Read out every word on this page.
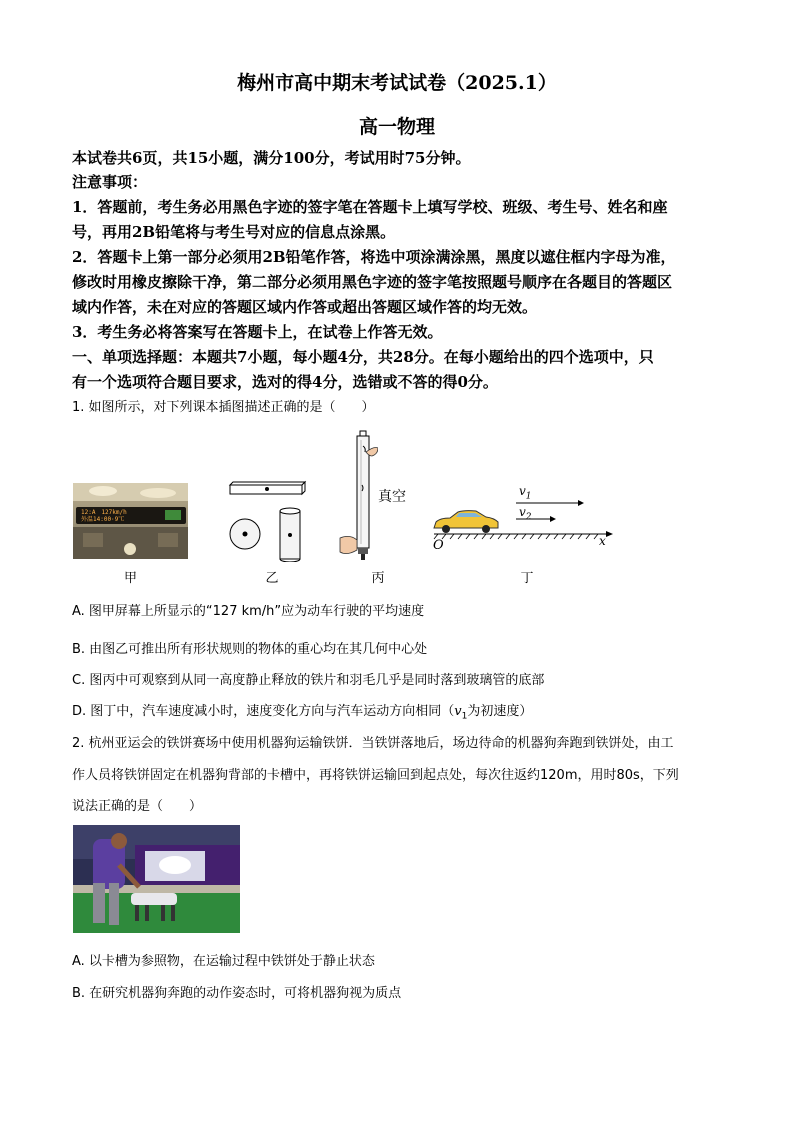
梅州市高中期末考试试卷（2025.1）
高一物理
本试卷共6页，共15小题，满分100分，考试用时75分钟。
注意事项：
1．答题前，考生务必用黑色字迹的签字笔在答题卡上填写学校、班级、考生号、姓名和座
号，再用2B铅笔将与考生号对应的信息点涂黑。
2．答题卡上第一部分必须用2B铅笔作答，将选中项涂满涂黑，黑度以遮住框内字母为准，
修改时用橡皮擦除干净，第二部分必须用黑色字迹的签字笔按照题号顺序在各题目的答题区
域内作答，未在对应的答题区域内作答或超出答题区域作答的均无效。
3．考生务必将答案写在答题卡上，在试卷上作答无效。
一、单项选择题：本题共7小题，每小题4分，共28分。在每小题给出的四个选项中，只
有一个选项符合题目要求，选对的得4分，选错或不答的得0分。
1. 如图所示，对下列课本插图描述正确的是（　　）
12:A　127km/h
外温14:00·9℃
甲	乙
真空
丙
$v_1$
$v_2$
O	x
丁
A. 图甲屏幕上所显示的“127 km/h”应为动车行驶的平均速度
B. 由图乙可推出所有形状规则的物体的重心均在其几何中心处
C. 图丙中可观察到从同一高度静止释放的铁片和羽毛几乎是同时落到玻璃管的底部
D. 图丁中，汽车速度减小时，速度变化方向与汽车运动方向相同（$v_1$为初速度）
2. 杭州亚运会的铁饼赛场中使用机器狗运输铁饼．当铁饼落地后，场边待命的机器狗奔跑到铁饼处，由工
作人员将铁饼固定在机器狗背部的卡槽中，再将铁饼运输回到起点处，每次往返约120m，用时80s，下列
说法正确的是（　　）
A. 以卡槽为参照物，在运输过程中铁饼处于静止状态
B. 在研究机器狗奔跑的动作姿态时，可将机器狗视为质点
